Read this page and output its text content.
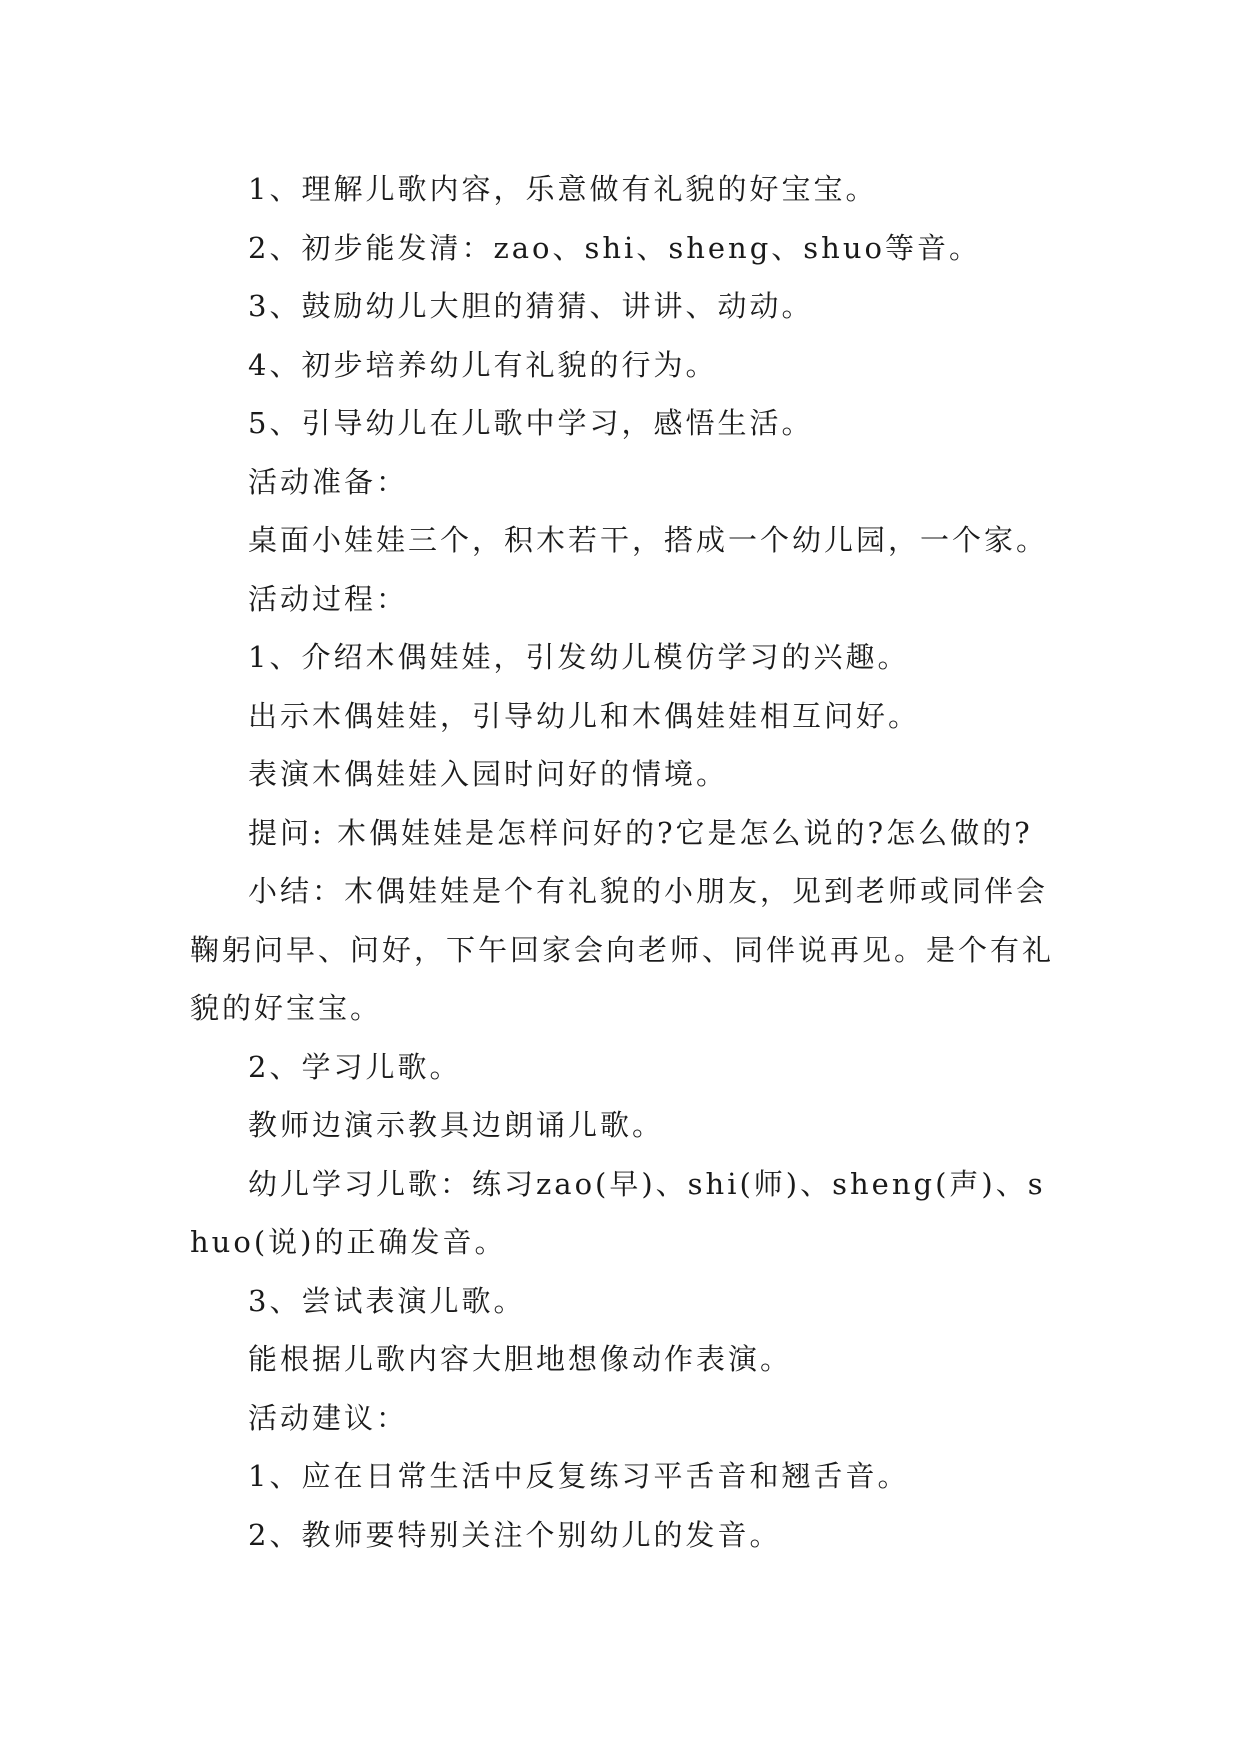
1、理解儿歌内容，乐意做有礼貌的好宝宝。

2、初步能发清：zao、shi、sheng、shuo等音。

3、鼓励幼儿大胆的猜猜、讲讲、动动。

4、初步培养幼儿有礼貌的行为。

5、引导幼儿在儿歌中学习，感悟生活。

活动准备：

桌面小娃娃三个，积木若干，搭成一个幼儿园，一个家。

活动过程：

1、介绍木偶娃娃，引发幼儿模仿学习的兴趣。

出示木偶娃娃，引导幼儿和木偶娃娃相互问好。

表演木偶娃娃入园时问好的情境。

提问: 木偶娃娃是怎样问好的?它是怎么说的?怎么做的?

小结：木偶娃娃是个有礼貌的小朋友，见到老师或同伴会鞠躬问早、问好，下午回家会向老师、同伴说再见。是个有礼貌的好宝宝。

2、学习儿歌。

教师边演示教具边朗诵儿歌。

幼儿学习儿歌：练习zao(早)、shi(师)、sheng(声)、shuo(说)的正确发音。

3、尝试表演儿歌。

能根据儿歌内容大胆地想像动作表演。

活动建议：

1、应在日常生活中反复练习平舌音和翘舌音。

2、教师要特别关注个别幼儿的发音。
